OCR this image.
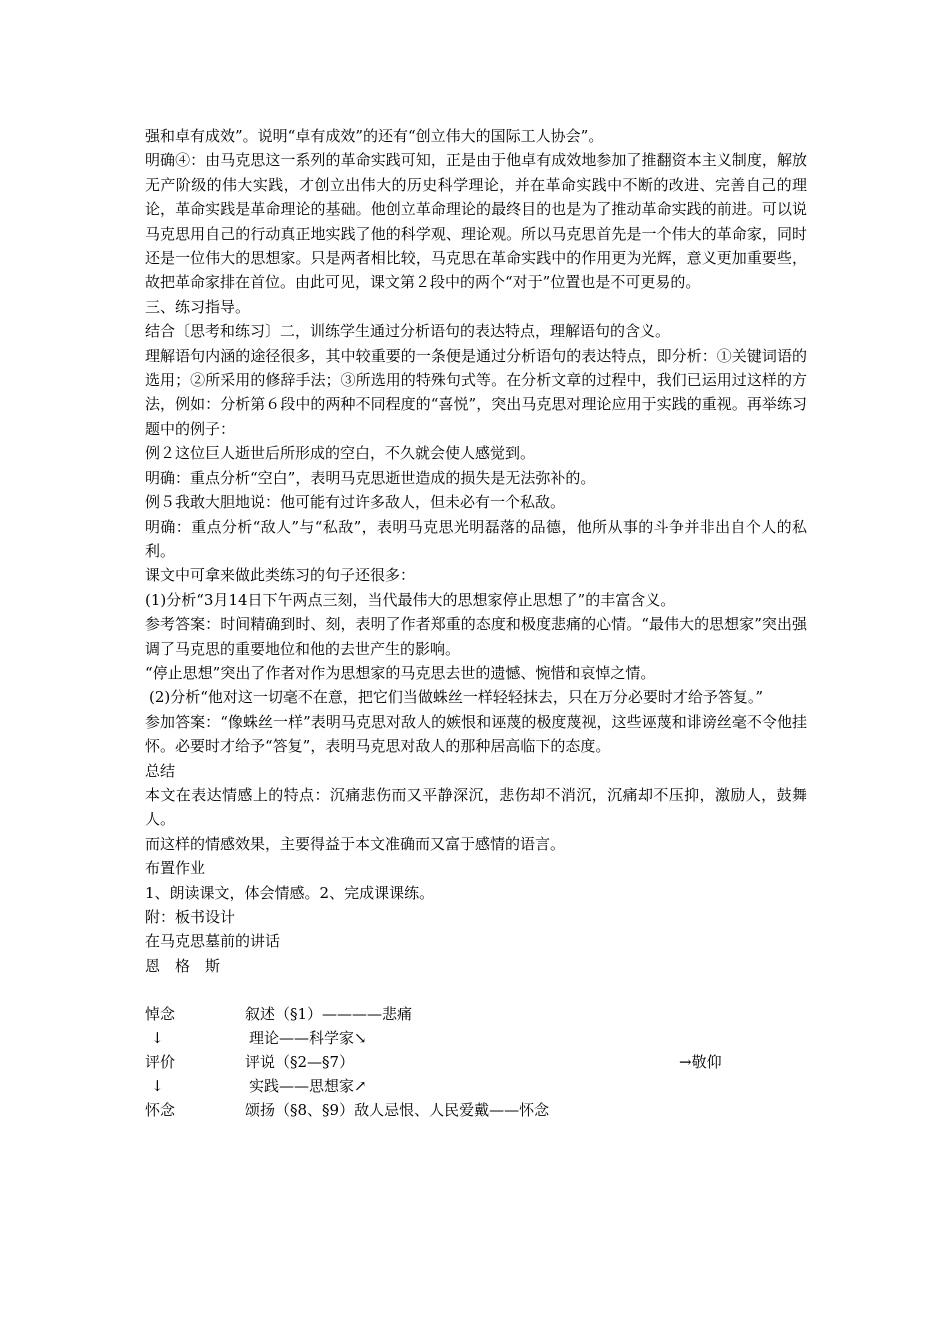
强和卓有成效”。说明“卓有成效”的还有“创立伟大的国际工人协会”。

明确④：由马克思这一系列的革命实践可知，正是由于他卓有成效地参加了推翻资本主义制度，解放无产阶级的伟大实践，才创立出伟大的历史科学理论，并在革命实践中不断的改进、完善自己的理论，革命实践是革命理论的基础。他创立革命理论的最终目的也是为了推动革命实践的前进。可以说马克思用自己的行动真正地实践了他的科学观、理论观。所以马克思首先是一个伟大的革命家，同时还是一位伟大的思想家。只是两者相比较，马克思在革命实践中的作用更为光辉，意义更加重要些，故把革命家排在首位。由此可见，课文第２段中的两个“对于”位置也是不可更易的。

三、练习指导。

结合〔思考和练习〕二，训练学生通过分析语句的表达特点，理解语句的含义。

理解语句内涵的途径很多，其中较重要的一条便是通过分析语句的表达特点，即分析：①关键词语的选用；②所采用的修辞手法；③所选用的特殊句式等。在分析文章的过程中，我们已运用过这样的方法，例如：分析第６段中的两种不同程度的“喜悦”，突出马克思对理论应用于实践的重视。再举练习题中的例子：

例２这位巨人逝世后所形成的空白，不久就会使人感觉到。

明确：重点分析“空白”，表明马克思逝世造成的损失是无法弥补的。

例５我敢大胆地说：他可能有过许多敌人，但未必有一个私敌。

明确：重点分析“敌人”与“私敌”，表明马克思光明磊落的品德，他所从事的斗争并非出自个人的私利。

课文中可拿来做此类练习的句子还很多：

(1)分析“3月14日下午两点三刻，当代最伟大的思想家停止思想了”的丰富含义。

参考答案：时间精确到时、刻，表明了作者郑重的态度和极度悲痛的心情。“最伟大的思想家”突出强调了马克思的重要地位和他的去世产生的影响。

“停止思想”突出了作者对作为思想家的马克思去世的遗憾、惋惜和哀悼之情。

(2)分析“他对这一切毫不在意，把它们当做蛛丝一样轻轻抹去，只在万分必要时才给予答复。”

参加答案：“像蛛丝一样”表明马克思对敌人的嫉恨和诬蔑的极度蔑视，这些诬蔑和诽谤丝毫不令他挂怀。必要时才给予“答复”，表明马克思对敌人的那种居高临下的态度。

总结

本文在表达情感上的特点：沉痛悲伤而又平静深沉，悲伤却不消沉，沉痛却不压抑，激励人，鼓舞人。

而这样的情感效果，主要得益于本文准确而又富于感情的语言。

布置作业

1、朗读课文，体会情感。2、完成课课练。

附：板书设计

在马克思墓前的讲话

恩　格　斯

悼念	叙述（§1）————悲痛
↓	理论——科学家↘
评价	评说（§2—§7）	→敬仰
↓	实践——思想家↗
怀念	颂扬（§8、§9）敌人忌恨、人民爱戴——怀念
